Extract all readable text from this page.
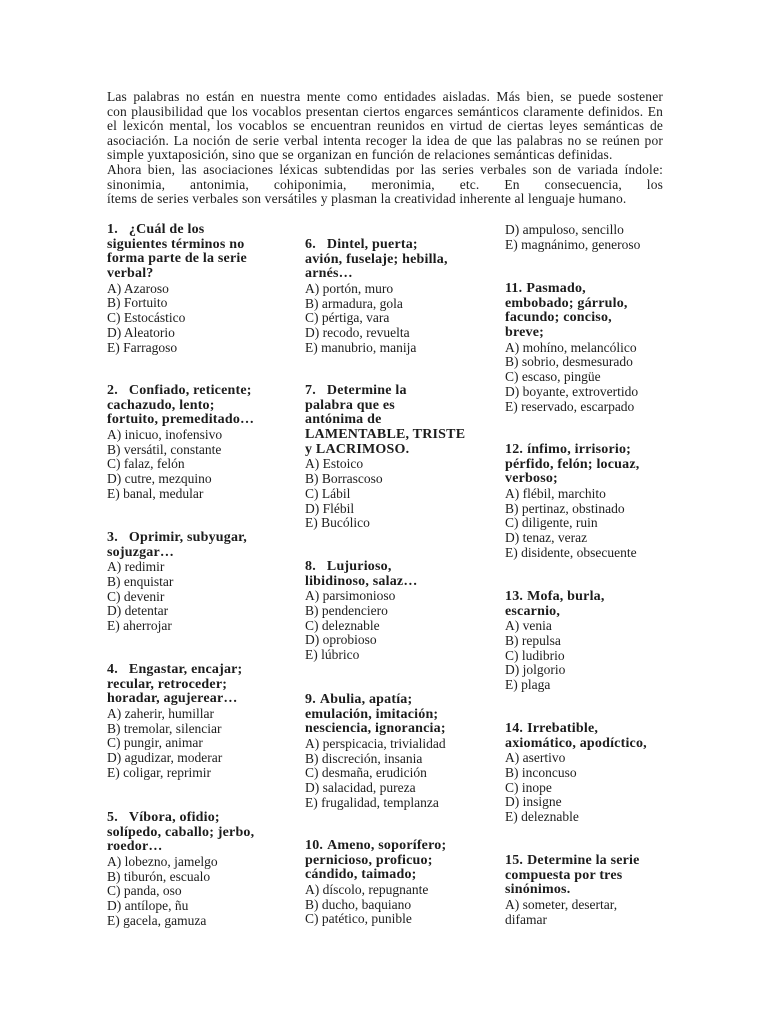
Las palabras no están en nuestra mente como entidades aisladas. Más bien, se puede sostener
con plausibilidad que los vocablos presentan ciertos engarces semánticos claramente definidos. En
el lexicón mental, los vocablos se encuentran reunidos en virtud de ciertas leyes semánticas de
asociación. La noción de serie verbal intenta recoger la idea de que las palabras no se reúnen por
simple yuxtaposición, sino que se organizan en función de relaciones semánticas definidas.
Ahora bien, las asociaciones léxicas subtendidas por las series verbales son de variada índole:
sinonimia, antonimia, cohiponimia, meronimia, etc. En consecuencia, los
ítems de series verbales son versátiles y plasman la creatividad inherente al lenguaje humano.
1. ¿Cuál de los
siguientes términos no
forma parte de la serie
verbal?
A) Azaroso
B) Fortuito
C) Estocástico
D) Aleatorio
E) Farragoso
2. Confiado, reticente;
cachazudo, lento;
fortuito, premeditado…
A) inicuo, inofensivo
B) versátil, constante
C) falaz, felón
D) cutre, mezquino
E) banal, medular
3. Oprimir, subyugar,
sojuzgar…
A) redimir
B) enquistar
C) devenir
D) detentar
E) aherrojar
4. Engastar, encajar;
recular, retroceder;
horadar, agujerear…
A) zaherir, humillar
B) tremolar, silenciar
C) pungir, animar
D) agudizar, moderar
E) coligar, reprimir
5. Víbora, ofidio;
solípedo, caballo; jerbo,
roedor…
A) lobezno, jamelgo
B) tiburón, escualo
C) panda, oso
D) antílope, ñu
E) gacela, gamuza
6. Dintel, puerta;
avión, fuselaje; hebilla,
arnés…
A) portón, muro
B) armadura, gola
C) pértiga, vara
D) recodo, revuelta
E) manubrio, manija
7. Determine la
palabra que es
antónima de
LAMENTABLE, TRISTE
y LACRIMOSO.
A) Estoico
B) Borrascoso
C) Lábil
D) Flébil
E) Bucólico
8. Lujurioso,
libidinoso, salaz…
A) parsimonioso
B) pendenciero
C) deleznable
D) oprobioso
E) lúbrico
9. Abulia, apatía;
emulación, imitación;
nesciencia, ignorancia;
A) perspicacia, trivialidad
B) discreción, insania
C) desmaña, erudición
D) salacidad, pureza
E) frugalidad, templanza
10. Ameno, soporífero;
pernicioso, proficuo;
cándido, taimado;
A) díscolo, repugnante
B) ducho, baquiano
C) patético, punible
D) ampuloso, sencillo
E) magnánimo, generoso
11. Pasmado,
embobado; gárrulo,
facundo; conciso,
breve;
A) mohíno, melancólico
B) sobrio, desmesurado
C) escaso, pingüe
D) boyante, extrovertido
E) reservado, escarpado
12. ínfimo, irrisorio;
pérfido, felón; locuaz,
verboso;
A) flébil, marchito
B) pertinaz, obstinado
C) diligente, ruin
D) tenaz, veraz
E) disidente, obsecuente
13. Mofa, burla,
escarnio,
A) venia
B) repulsa
C) ludibrio
D) jolgorio
E) plaga
14. Irrebatible,
axiomático, apodíctico,
A) asertivo
B) inconcuso
C) inope
D) insigne
E) deleznable
15. Determine la serie
compuesta por tres
sinónimos.
A) someter, desertar,
difamar
